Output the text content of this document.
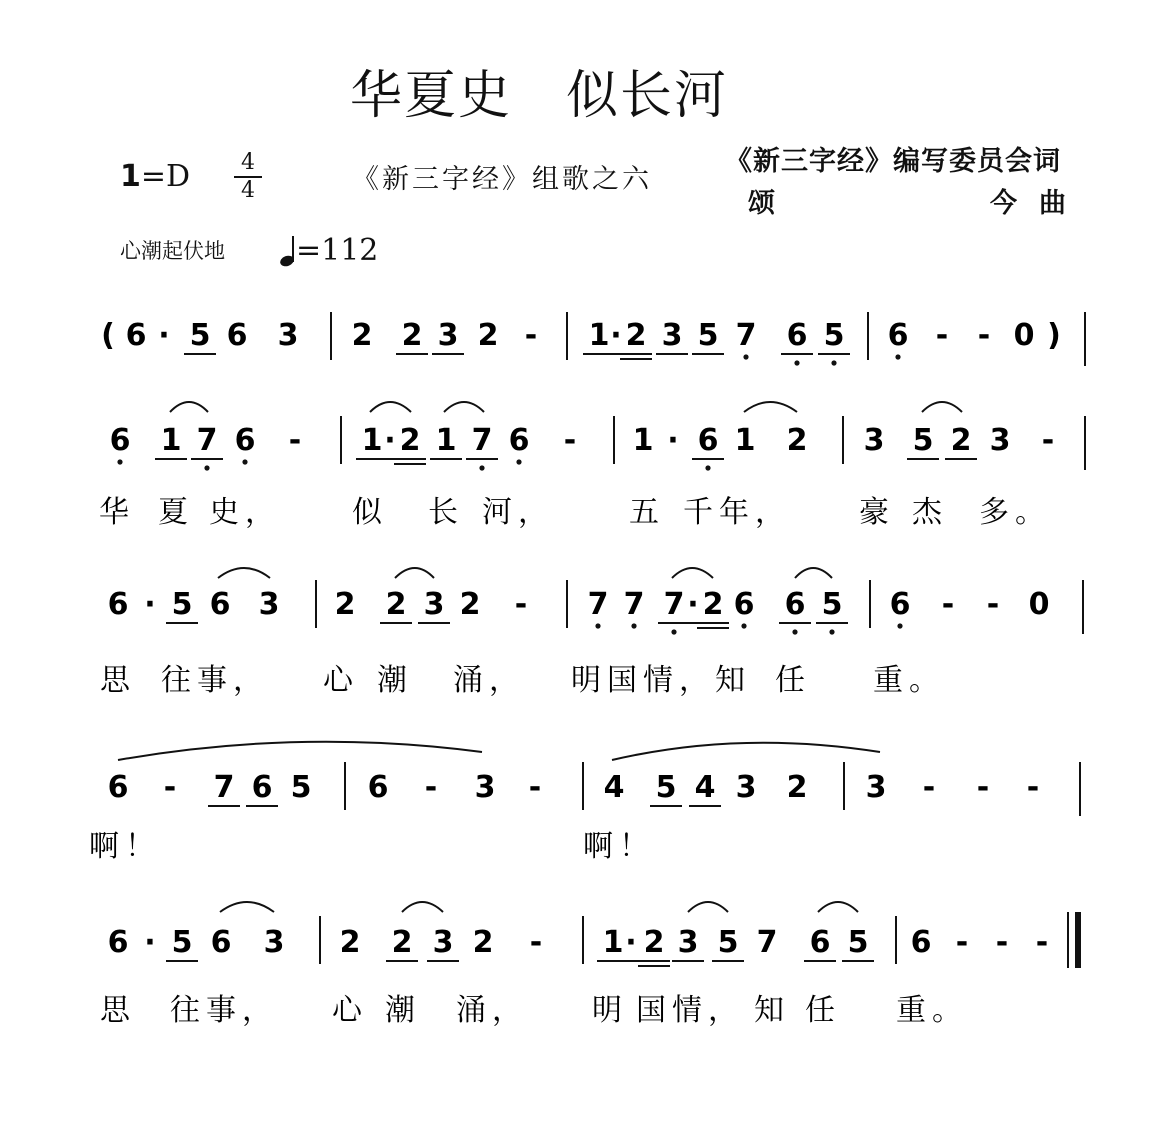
华夏史　似长河
1=D	4
4	《新三字经》组歌之六
《新三字经》编写委员会词
颂	今曲
心潮起伏地	=112
( 6 · 5 6 3 2 2 3 2 - 1 · 2 3 5 7 6 5 6 - - 0 )
6 1 7 6 - 1 · 2 1 7 6 - 1 · 6 1 2 3 5 2 3 -
华 夏 史， 似 长 河，	五 千年， 豪 杰 多。
6 · 5 6 3 2 2 3 2 - 7 7 7 · 2 6 6 5 6 - - 0
思 往事， 心 潮 涌， 明国情，知 任 重。
6 - 7 6 5 6 - 3 - 4 5 4 3 2 3 - - -
啊！	啊！
6 · 5 6 3 2 2 3 2 - 1 · 2 3 5 7 6 5 6 - - -
思 往事， 心 潮 涌， 明 国情， 知 任 重。
